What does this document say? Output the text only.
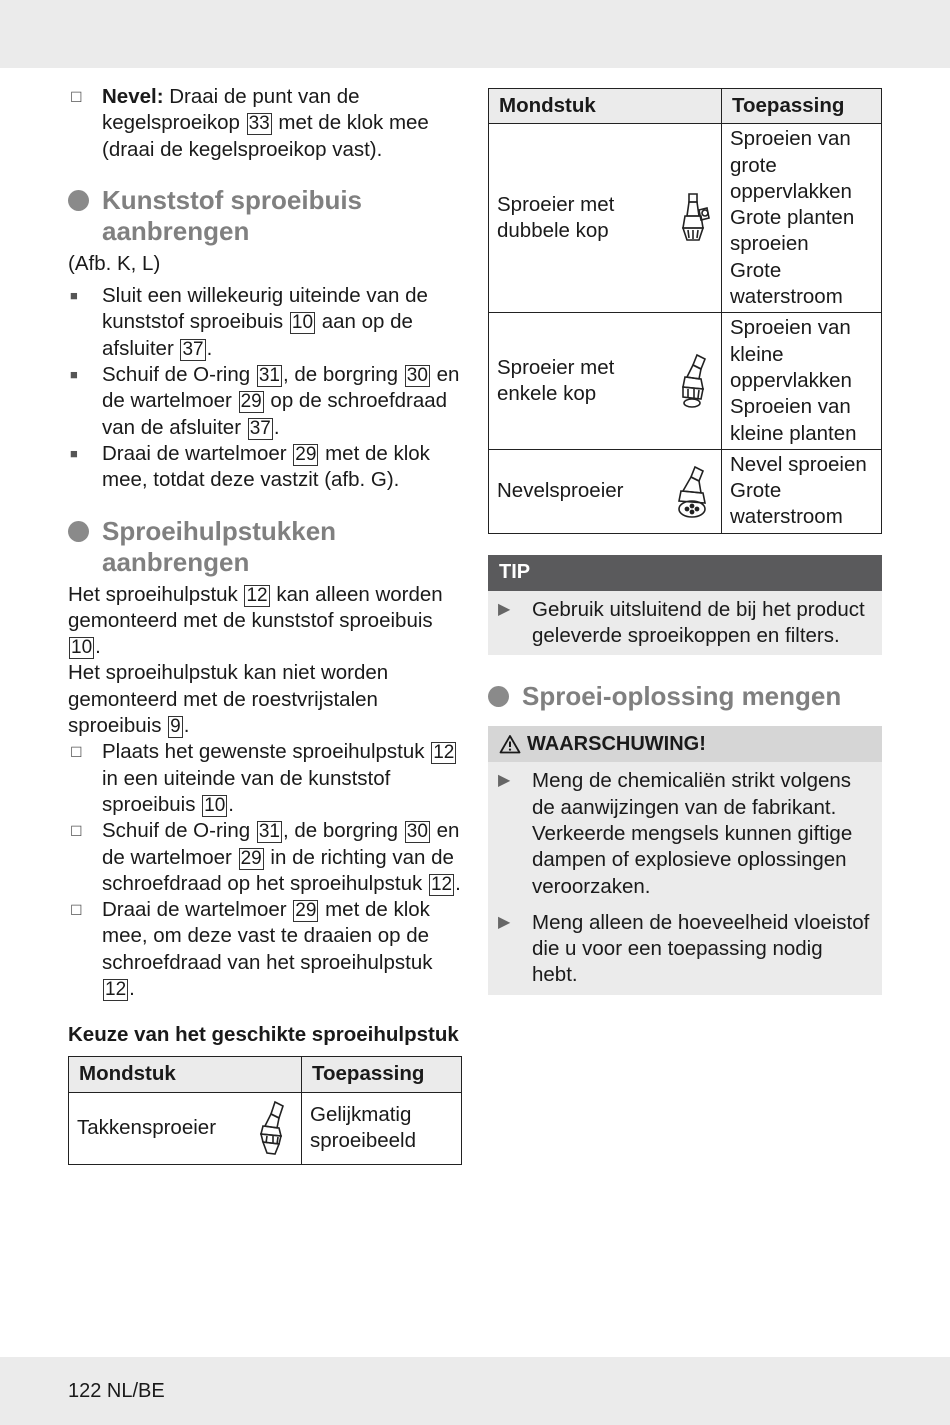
☐ Nevel: Draai de punt van de kegelsproeikop 33 met de klok mee (draai de kegelsproeikop vast).
Kunststof sproeibuis aanbrengen
(Afb. K, L)
■ Sluit een willekeurig uiteinde van de kunststof sproeibuis 10 aan op de afsluiter 37 .
■ Schuif de O-ring 31 , de borgring 30 en de wartelmoer 29 op de schroefdraad van de afsluiter 37 .
■ Draai de wartelmoer 29 met de klok mee, totdat deze vastzit (afb. G).
Sproeihulpstukken aanbrengen
Het sproeihulpstuk 12 kan alleen worden gemonteerd met de kunststof sproeibuis 10 .
Het sproeihulpstuk kan niet worden gemonteerd met de roestvrijstalen sproeibuis 9 .
☐ Plaats het gewenste sproeihulpstuk 12 in een uiteinde van de kunststof sproeibuis 10 .
☐ Schuif de O-ring 31 , de borgring 30 en de wartelmoer 29 in de richting van de schroefdraad op het sproeihulpstuk 12 .
☐ Draai de wartelmoer 29 met de klok mee, om deze vast te draaien op de schroefdraad van het sproeihulpstuk 12 .
Keuze van het geschikte sproeihulpstuk
Mondstuk	Toepassing

Takkensproeier	Gelijkmatig sproeibeeld
Mondstuk	Toepassing

Sproeier met dubbele kop	Sproeien van grote oppervlakken
Grote planten sproeien
Grote waterstroom

Sproeier met enkele kop	Sproeien van kleine oppervlakken
Sproeien van kleine planten

Nevelsproeier	Nevel sproeien
Grote waterstroom
TIP
▶ Gebruik uitsluitend de bij het product geleverde sproeikoppen en filters.
Sproei-oplossing mengen
WAARSCHUWING!
▶ Meng de chemicaliën strikt volgens de aanwijzingen van de fabrikant. Verkeerde mengsels kunnen giftige dampen of explosieve oplossingen veroorzaken.
▶ Meng alleen de hoeveelheid vloeistof die u voor een toepassing nodig hebt.
122 NL/BE
